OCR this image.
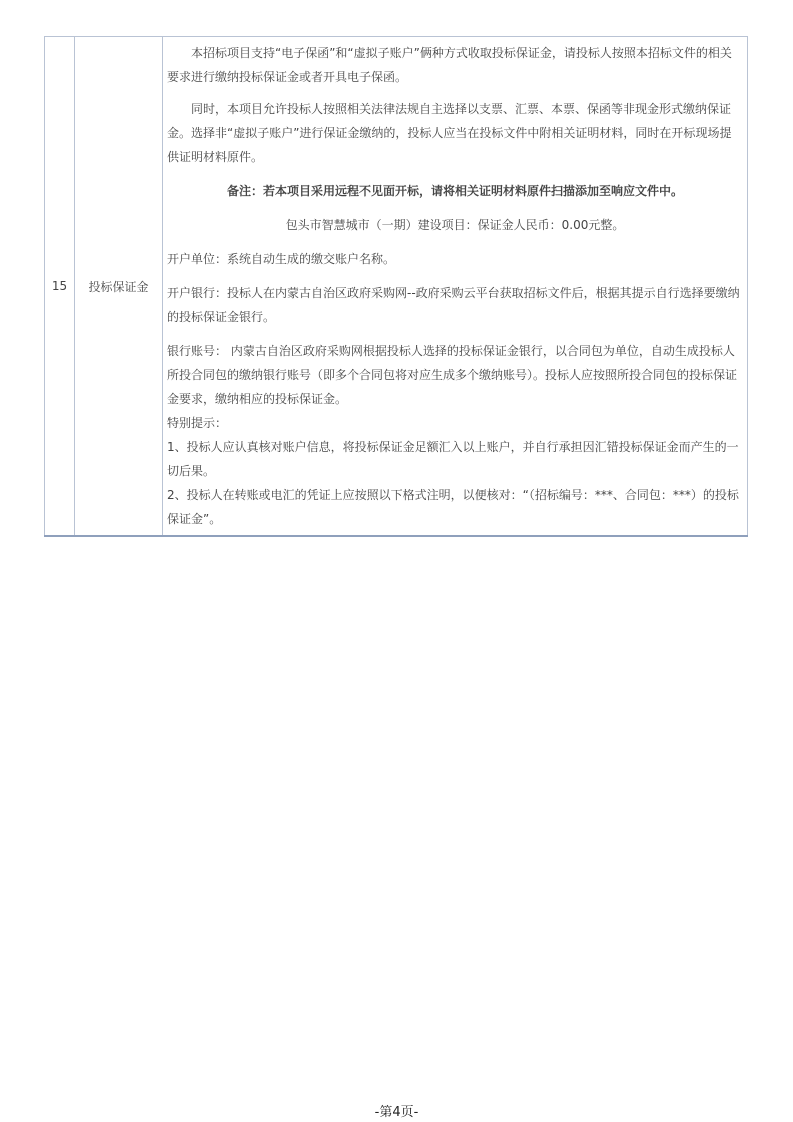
15	投标保证金	

本招标项目支持“电子保函”和“虚拟子账户”俩种方式收取投标保证金，请投标人按照本招标文件的相关要求进行缴纳投标保证金或者开具电子保函。

同时，本项目允许投标人按照相关法律法规自主选择以支票、汇票、本票、保函等非现金形式缴纳保证金。选择非“虚拟子账户”进行保证金缴纳的，投标人应当在投标文件中附相关证明材料，同时在开标现场提供证明材料原件。

备注：若本项目采用远程不见面开标，请将相关证明材料原件扫描添加至响应文件中。

包头市智慧城市（一期）建设项目：保证金人民币：0.00元整。

开户单位：系统自动生成的缴交账户名称。

开户银行：投标人在内蒙古自治区政府采购网--政府采购云平台获取招标文件后，根据其提示自行选择要缴纳的投标保证金银行。

银行账号： 内蒙古自治区政府采购网根据投标人选择的投标保证金银行，以合同包为单位，自动生成投标人所投合同包的缴纳银行账号（即多个合同包将对应生成多个缴纳账号）。投标人应按照所投合同包的投标保证金要求，缴纳相应的投标保证金。

特别提示：

1、投标人应认真核对账户信息，将投标保证金足额汇入以上账户，并自行承担因汇错投标保证金而产生的一切后果。

2、投标人在转账或电汇的凭证上应按照以下格式注明，以便核对：“（招标编号：***、合同包：***）的投标保证金”。

-第4页-
